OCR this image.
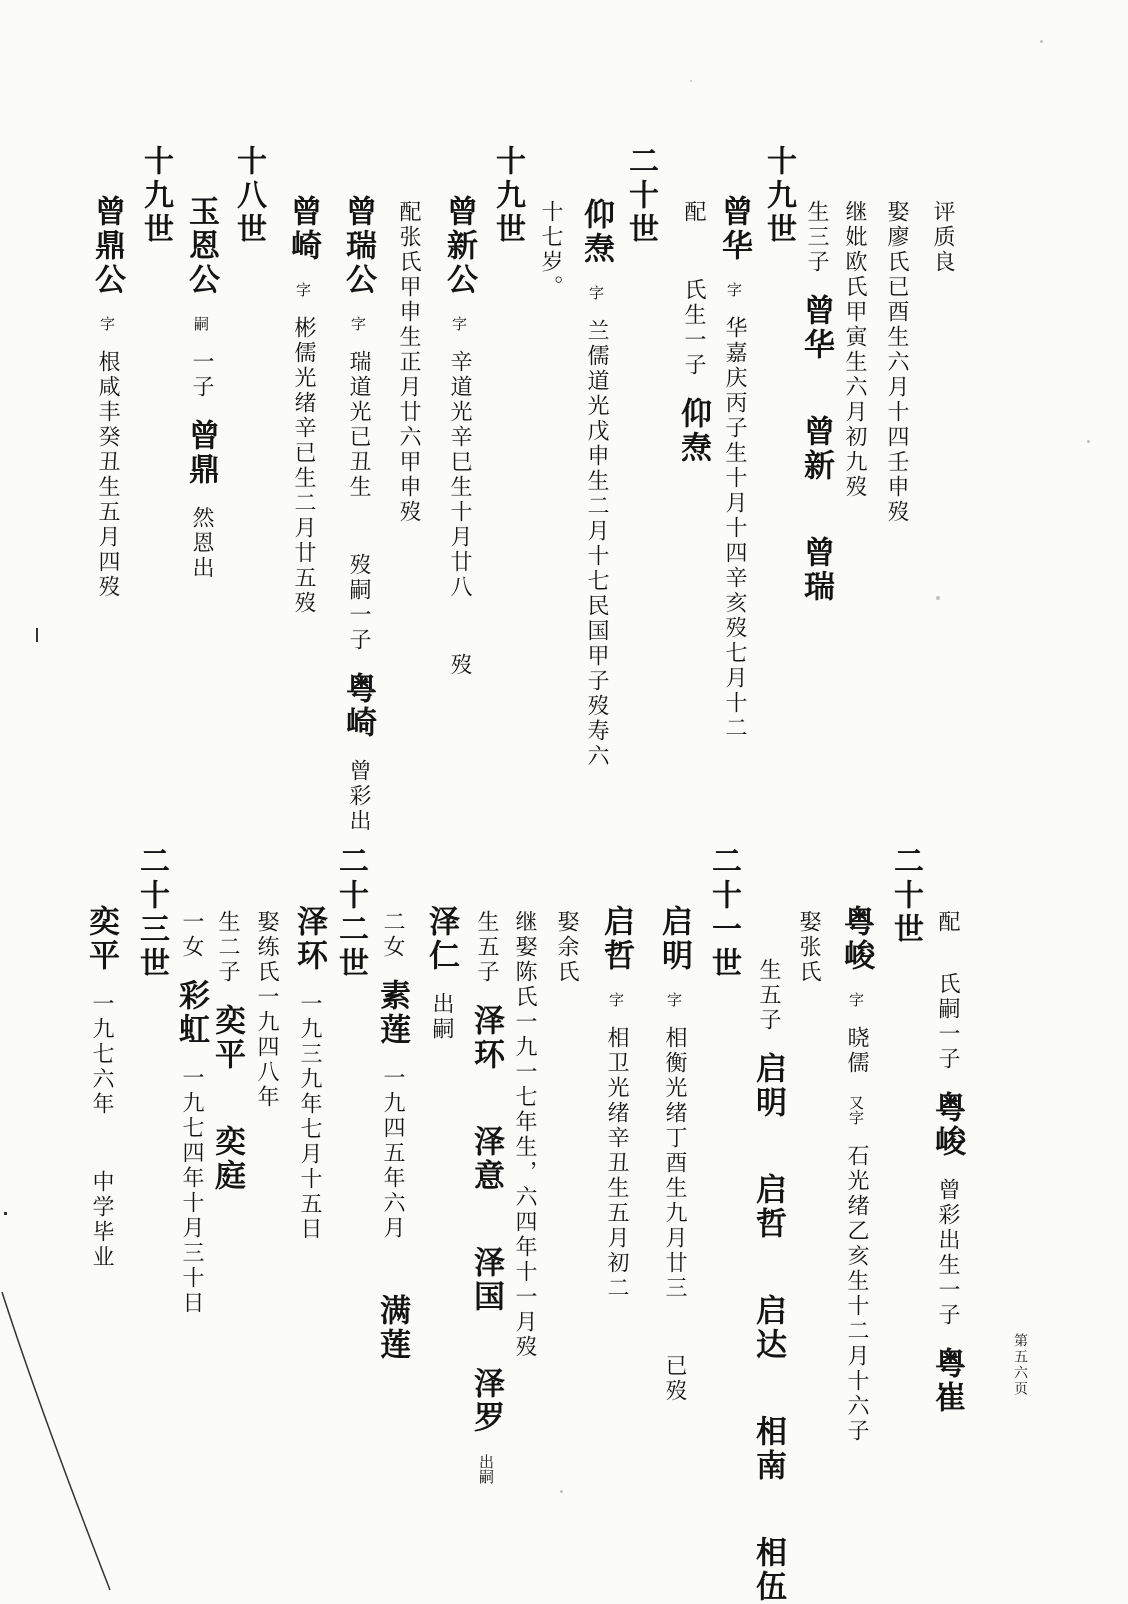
第五六页
评质良
娶廖氏已酉生六月十四壬申歿
继妣欧氏甲寅生六月初九歿
生三子 曾华 曾新 曾瑞
十九世
曾华 字 华嘉庆丙子生十月十四辛亥歿七月十二
配 氏生一子 仰焘
二十世
仰焘 字 兰儒道光戊申生二月十七民国甲子歿寿六
十七岁。
十九世
曾新公 字 辛道光辛巳生十月廿八 歿
配张氏甲申生正月廿六甲申歿
曾瑞公 字 瑞道光已丑生 歿嗣一子 粤崎 曾彩出
曾崎 字 彬儒光绪辛已生二月廿五歿
十八世
玉恩公 嗣 一子 曾鼎 然恩出
十九世
曾鼎公 字 根咸丰癸丑生五月四歿
二十世 配 氏嗣一子 粤峻 曾彩出生一子 粤崔
粤峻 字 晓儒 又字 石光绪乙亥生十二月十六子
娶张氏
生五子 启明 启哲 启达 相南 相伍
二十一世
启明 字 相衡光绪丁酉生九月廿三 已歿
启哲 字 相卫光绪辛丑生五月初二
娶余氏
继娶陈氏一九一七年生，六四年十一月歿
生五子 泽环 泽意 泽国 泽罗 出嗣
泽仁 出嗣
二女 素莲 一九四五年六月 满莲
二十二世
泽环 一九三九年七月十五日
娶练氏一九四八年
生二子 奕平 奕庭
一女 彩虹 一九七四年十月三十日
二十三世
奕平 一九七六年 中学毕业
